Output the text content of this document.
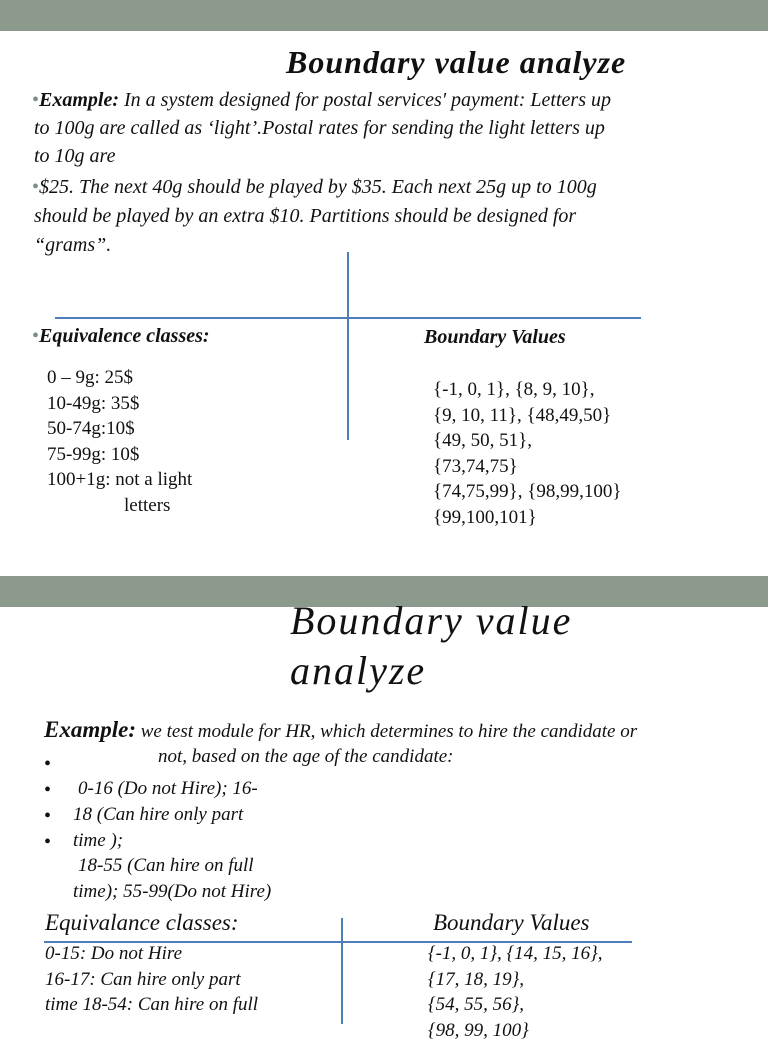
Boundary value analyze
•Example: In a system designed for postal services' payment: Letters up
to 100g are called as ‘light’.Postal rates for sending the light letters up
to 10g are
•$25. The next 40g should be played by $35. Each next 25g up to 100g
should be played by an extra $10. Partitions should be designed for
“grams”.
•Equivalence classes:	Boundary Values
0 – 9g: 25$
10-49g: 35$
50-74g:10$
75-99g: 10$
100+1g: not a light
letters
{-1, 0, 1}, {8, 9, 10},
{9, 10, 11}, {48,49,50}
{49, 50, 51},
{73,74,75}
{74,75,99}, {98,99,100}
{99,100,101}
Boundary value
analyze
Example: we test module for HR, which determines to hire the candidate or
not, based on the age of the candidate:
•
•
•
•
0-16 (Do not Hire); 16-
18 (Can hire only part
time );
18-55 (Can hire on full
time); 55-99(Do not Hire)
Equivalance classes:	Boundary Values
0-15: Do not Hire
16-17: Can hire only part
time 18-54: Can hire on full
{-1, 0, 1}, {14, 15, 16},
{17, 18, 19},
{54, 55, 56},
{98, 99, 100}
